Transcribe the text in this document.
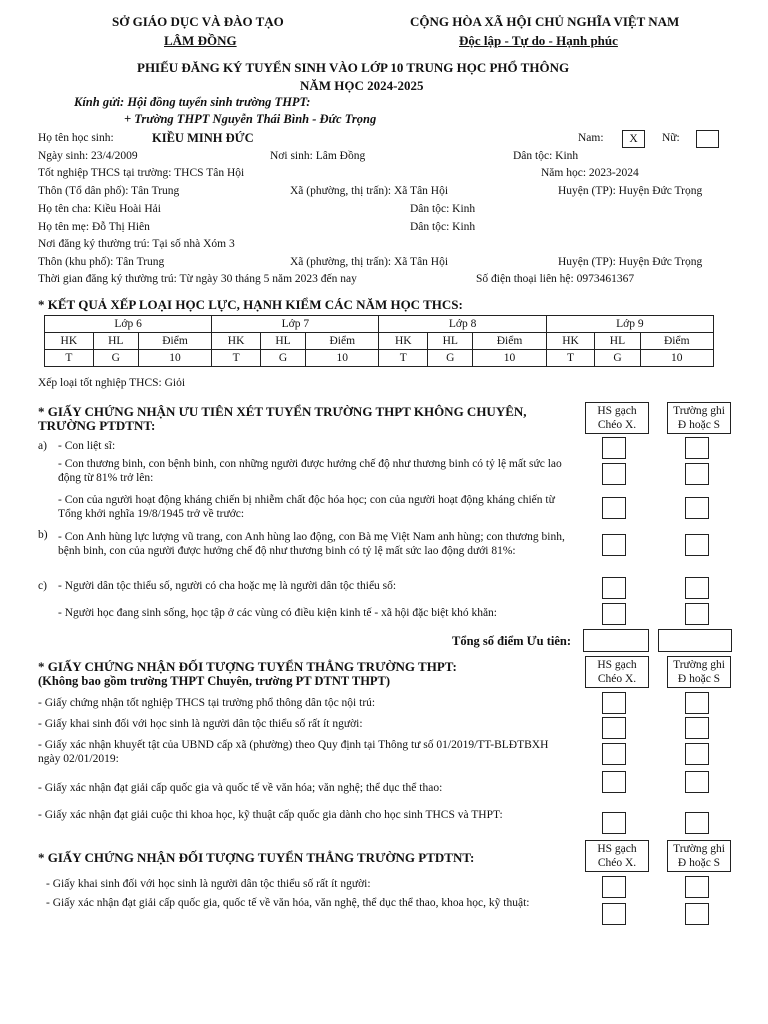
SỞ GIÁO DỤC VÀ ĐÀO TẠO
LÂM ĐỒNG
CỘNG HÒA XÃ HỘI CHỦ NGHĨA VIỆT NAM
Độc lập - Tự do - Hạnh phúc
PHIẾU ĐĂNG KÝ TUYỂN SINH VÀO LỚP 10 TRUNG HỌC PHỔ THÔNG
NĂM HỌC 2024-2025
Kính gửi: Hội đồng tuyển sinh trường THPT:
+ Trường THPT Nguyễn Thái Bình - Đức Trọng
Họ tên học sinh:	KIỀU MINH ĐỨC	Nam:	X	Nữ:
Ngày sinh: 23/4/2009	Nơi sinh: Lâm Đồng	Dân tộc: Kinh
Tốt nghiệp THCS tại trường: THCS Tân Hội	Năm học: 2023-2024
Thôn (Tổ dân phố): Tân Trung	Xã (phường, thị trấn): Xã Tân Hội	Huyện (TP): Huyện Đức Trọng
Họ tên cha: Kiều Hoài Hải	Dân tộc: Kinh
Họ tên mẹ: Đỗ Thị Hiên	Dân tộc: Kinh
Nơi đăng ký thường trú: Tại số nhà Xóm 3
Thôn (khu phố): Tân Trung	Xã (phường, thị trấn): Xã Tân Hội	Huyện (TP): Huyện Đức Trọng
Thời gian đăng ký thường trú: Từ ngày 30 tháng 5 năm 2023 đến nay	Số điện thoại liên hệ: 0973461367
* KẾT QUẢ XẾP LOẠI HỌC LỰC, HẠNH KIỂM CÁC NĂM HỌC THCS:
Lớp 6			Lớp 7			Lớp 8			Lớp 9		
HK	HL	Điểm	HK	HL	Điểm	HK	HL	Điểm	HK	HL	Điểm
T	G	10	T	G	10	T	G	10	T	G	10
Xếp loại tốt nghiệp THCS: Giỏi
* GIẤY CHỨNG NHẬN ƯU TIÊN XÉT TUYỂN TRƯỜNG THPT KHÔNG CHUYÊN,
TRƯỜNG PTDTNT:
HS gạch
Chéo X.
Trường ghi
Đ hoặc S
a) - Con liệt sĩ:
- Con thương binh, con bệnh binh, con những người được hưởng chế độ như thương binh có tỷ lệ mất sức lao động từ 81% trở lên:
- Con của người hoạt động kháng chiến bị nhiễm chất độc hóa học; con của người hoạt động kháng chiến từ Tổng khởi nghĩa 19/8/1945 trở về trước:
b) - Con Anh hùng lực lượng vũ trang, con Anh hùng lao động, con Bà mẹ Việt Nam anh hùng; con thương binh, bệnh binh, con của người được hưởng chế độ như thương binh có tỷ lệ mất sức lao động dưới 81%:
c) - Người dân tộc thiểu số, người có cha hoặc mẹ là người dân tộc thiểu số:
- Người học đang sinh sống, học tập ở các vùng có điều kiện kinh tế - xã hội đặc biệt khó khăn:
Tổng số điểm Ưu tiên:
* GIẤY CHỨNG NHẬN ĐỐI TƯỢNG TUYỂN THẲNG TRƯỜNG THPT:
(Không bao gồm trường THPT Chuyên, trường PT DTNT THPT)
HS gạch
Chéo X.
Trường ghi
Đ hoặc S
- Giấy chứng nhận tốt nghiệp THCS tại trường phổ thông dân tộc nội trú:
- Giấy khai sinh đối với học sinh là người dân tộc thiểu số rất ít người:
- Giấy xác nhận khuyết tật của UBND cấp xã (phường) theo Quy định tại Thông tư số 01/2019/TT-BLĐTBXH ngày 02/01/2019:
- Giấy xác nhận đạt giải cấp quốc gia và quốc tế về văn hóa; văn nghệ; thể dục thể thao:
- Giấy xác nhận đạt giải cuộc thi khoa học, kỹ thuật cấp quốc gia dành cho học sinh THCS và THPT:
* GIẤY CHỨNG NHẬN ĐỐI TƯỢNG TUYỂN THẲNG TRƯỜNG PTDTNT:
HS gạch
Chéo X.
Trường ghi
Đ hoặc S
- Giấy khai sinh đối với học sinh là người dân tộc thiểu số rất ít người:
- Giấy xác nhận đạt giải cấp quốc gia, quốc tế về văn hóa, văn nghệ, thể dục thể thao, khoa học, kỹ thuật:
